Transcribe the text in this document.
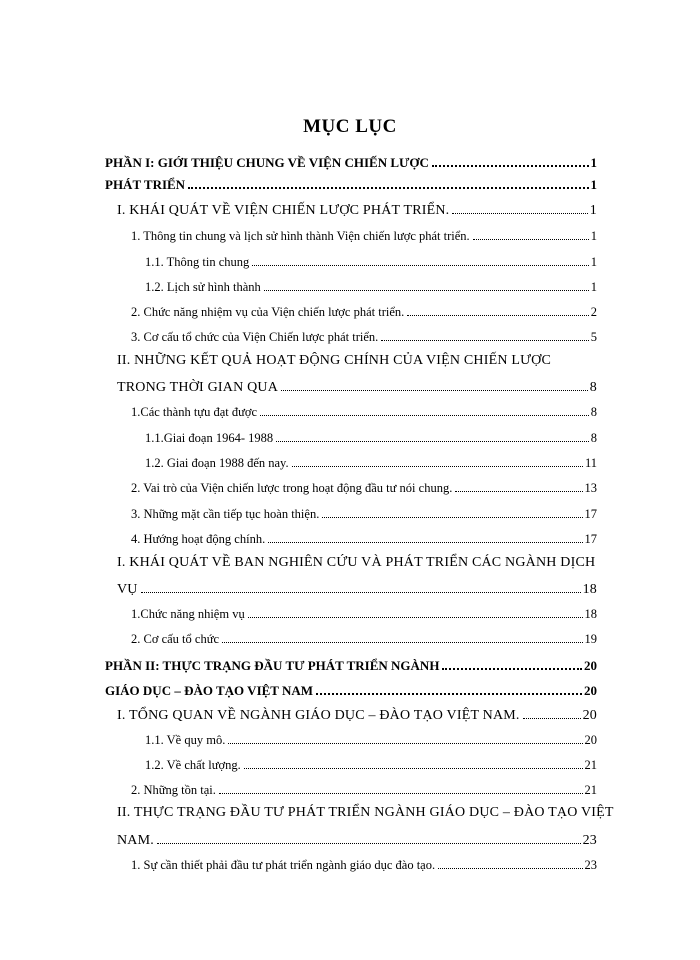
MỤC LỤC
PHẦN I: GIỚI THIỆU CHUNG VỀ VIỆN CHIẾN LƯỢC	1
PHÁT TRIỂN	1
I. KHÁI QUÁT VỀ VIỆN CHIẾN LƯỢC PHÁT TRIỂN.	1
1. Thông tin chung và lịch sử hình thành Viện chiến lược phát triển.	1
1.1. Thông tin chung	1
1.2. Lịch sử hình thành	1
2. Chức năng nhiệm vụ của Viện chiến lược phát triển.	2
3. Cơ cấu tổ chức của Viện Chiến lược phát triển.	5
II. NHỮNG KẾT QUẢ HOẠT ĐỘNG CHÍNH CỦA VIỆN CHIẾN LƯỢC
TRONG THỜI GIAN QUA	8
1.Các thành tựu đạt được	8
1.1.Giai đoạn 1964- 1988	8
1.2. Giai đoạn 1988 đến nay.	11
2. Vai trò của Viện chiến lược trong hoạt động đầu tư nói chung.	13
3. Những mặt cần tiếp tục hoàn thiện.	17
4. Hướng hoạt động chính.	17
I. KHÁI QUÁT VỀ BAN NGHIÊN CỨU VÀ PHÁT TRIỂN CÁC NGÀNH DỊCH
VỤ	18
1.Chức năng nhiệm vụ	18
2. Cơ cấu tổ chức	19
PHẦN II: THỰC TRẠNG ĐẦU TƯ PHÁT TRIỂN NGÀNH	20
GIÁO DỤC – ĐÀO TẠO VIỆT NAM	20
I. TỔNG QUAN VỀ NGÀNH GIÁO DỤC – ĐÀO TẠO VIỆT NAM.	20
1.1. Về quy mô.	20
1.2. Về chất lượng.	21
2. Những tồn tại.	21
II. THỰC TRẠNG ĐẦU TƯ PHÁT TRIỂN NGÀNH GIÁO DỤC – ĐÀO TẠO VIỆT
NAM.	23
1. Sự cần thiết phải đầu tư phát triển ngành giáo dục đào tạo.	23
